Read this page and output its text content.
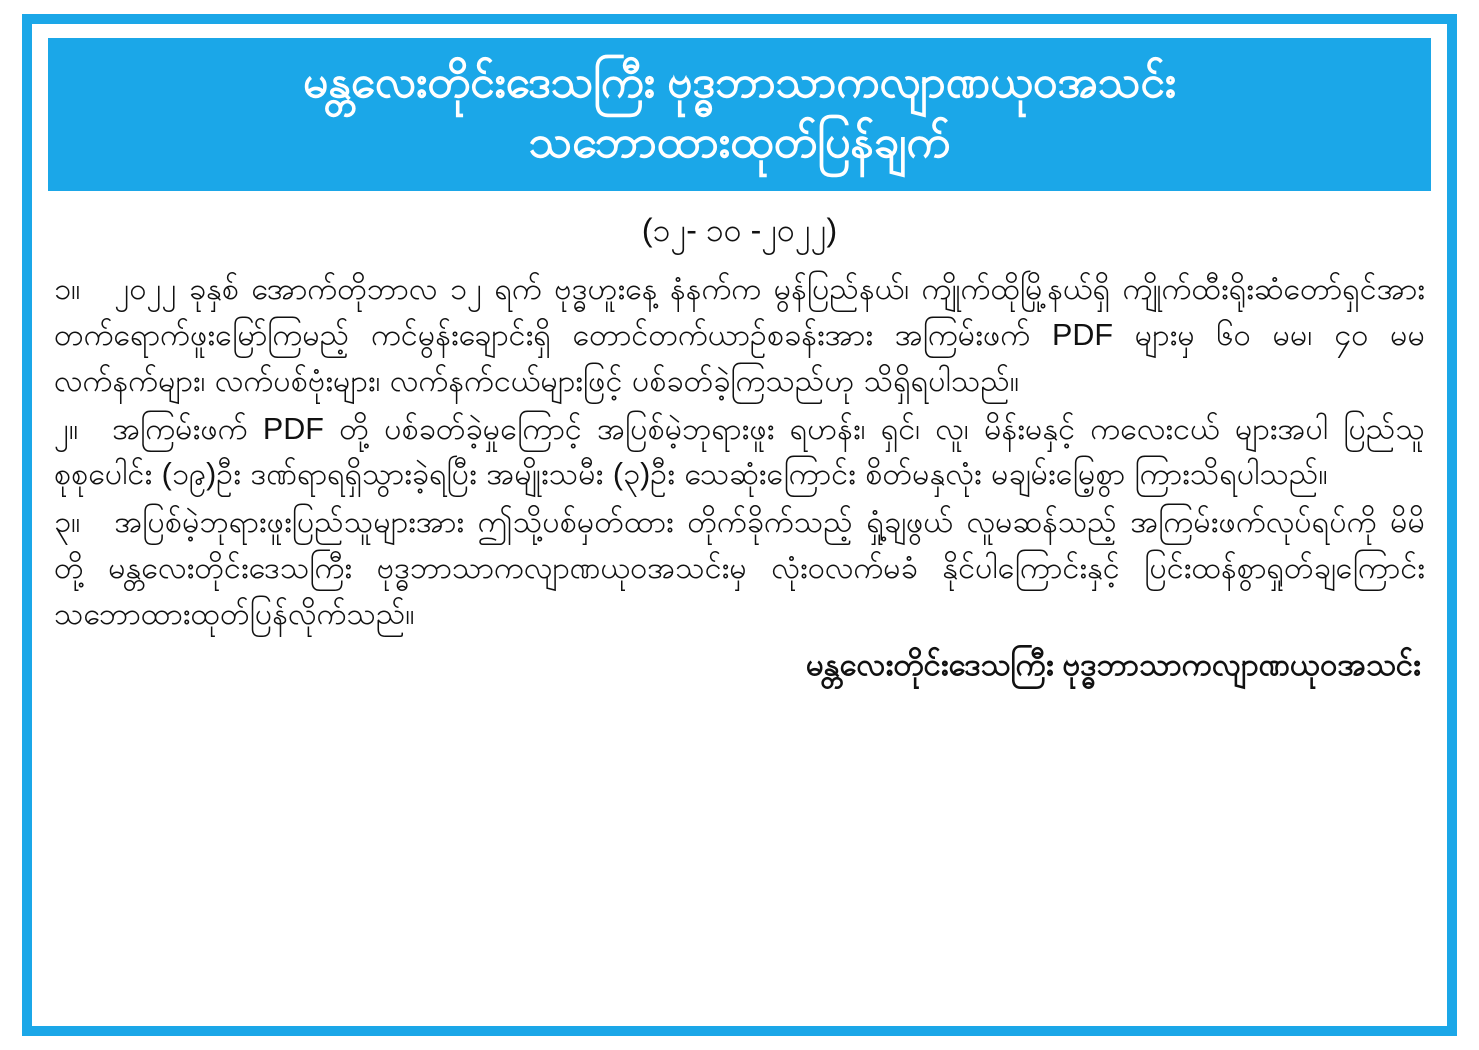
မန္တလေးတိုင်းဒေသကြီး ဗုဒ္ဓဘာသာကလျာဏယုဝအသင်း
သဘောထားထုတ်ပြန်ချက်
(၁၂- ၁၀ -၂၀၂၂)

၁။ ၂၀၂၂ ခုနှစ် အောက်တိုဘာလ ၁၂ ရက် ဗုဒ္ဓဟူးနေ့ နံနက်က မွန်ပြည်နယ်၊ ကျိုက်ထိုမြို့နယ်ရှိ ကျိုက်ထီးရိုးဆံတော်ရှင်အား တက်ရောက်ဖူးမြော်ကြမည့် ကင်မွန်းချောင်းရှိ တောင်တက်ယာဉ်စခန်းအား အကြမ်းဖက် PDF များမှ ၆၀ မမ၊ ၄၀ မမ လက်နက်များ၊ လက်ပစ်ဗုံးများ၊ လက်နက်ငယ်များဖြင့် ပစ်ခတ်ခဲ့ကြသည်ဟု သိရှိရပါသည်။

၂။ အကြမ်းဖက် PDF တို့ ပစ်ခတ်ခဲ့မှုကြောင့် အပြစ်မဲ့ဘုရားဖူး ရဟန်း၊ ရှင်၊ လူ၊ မိန်းမနှင့် ကလေးငယ် များအပါ ပြည်သူစုစုပေါင်း (၁၉)ဦး ဒဏ်ရာရရှိသွားခဲ့ရပြီး အမျိုးသမီး (၃)ဦး သေဆုံးကြောင်း စိတ်မနှလုံး မချမ်းမြေ့စွာ ကြားသိရပါသည်။

၃။ အပြစ်မဲ့ဘုရားဖူးပြည်သူများအား ဤသို့ပစ်မှတ်ထား တိုက်ခိုက်သည့် ရှုံ့ချဖွယ် လူမဆန်သည့် အကြမ်းဖက်လုပ်ရပ်ကို မိမိတို့ မန္တလေးတိုင်းဒေသကြီး ဗုဒ္ဓဘာသာကလျာဏယုဝအသင်းမှ လုံးဝလက်မခံ နိုင်ပါကြောင်းနှင့် ပြင်းထန်စွာရှုတ်ချကြောင်း သဘောထားထုတ်ပြန်လိုက်သည်။

မန္တလေးတိုင်းဒေသကြီး ဗုဒ္ဓဘာသာကလျာဏယုဝအသင်း
